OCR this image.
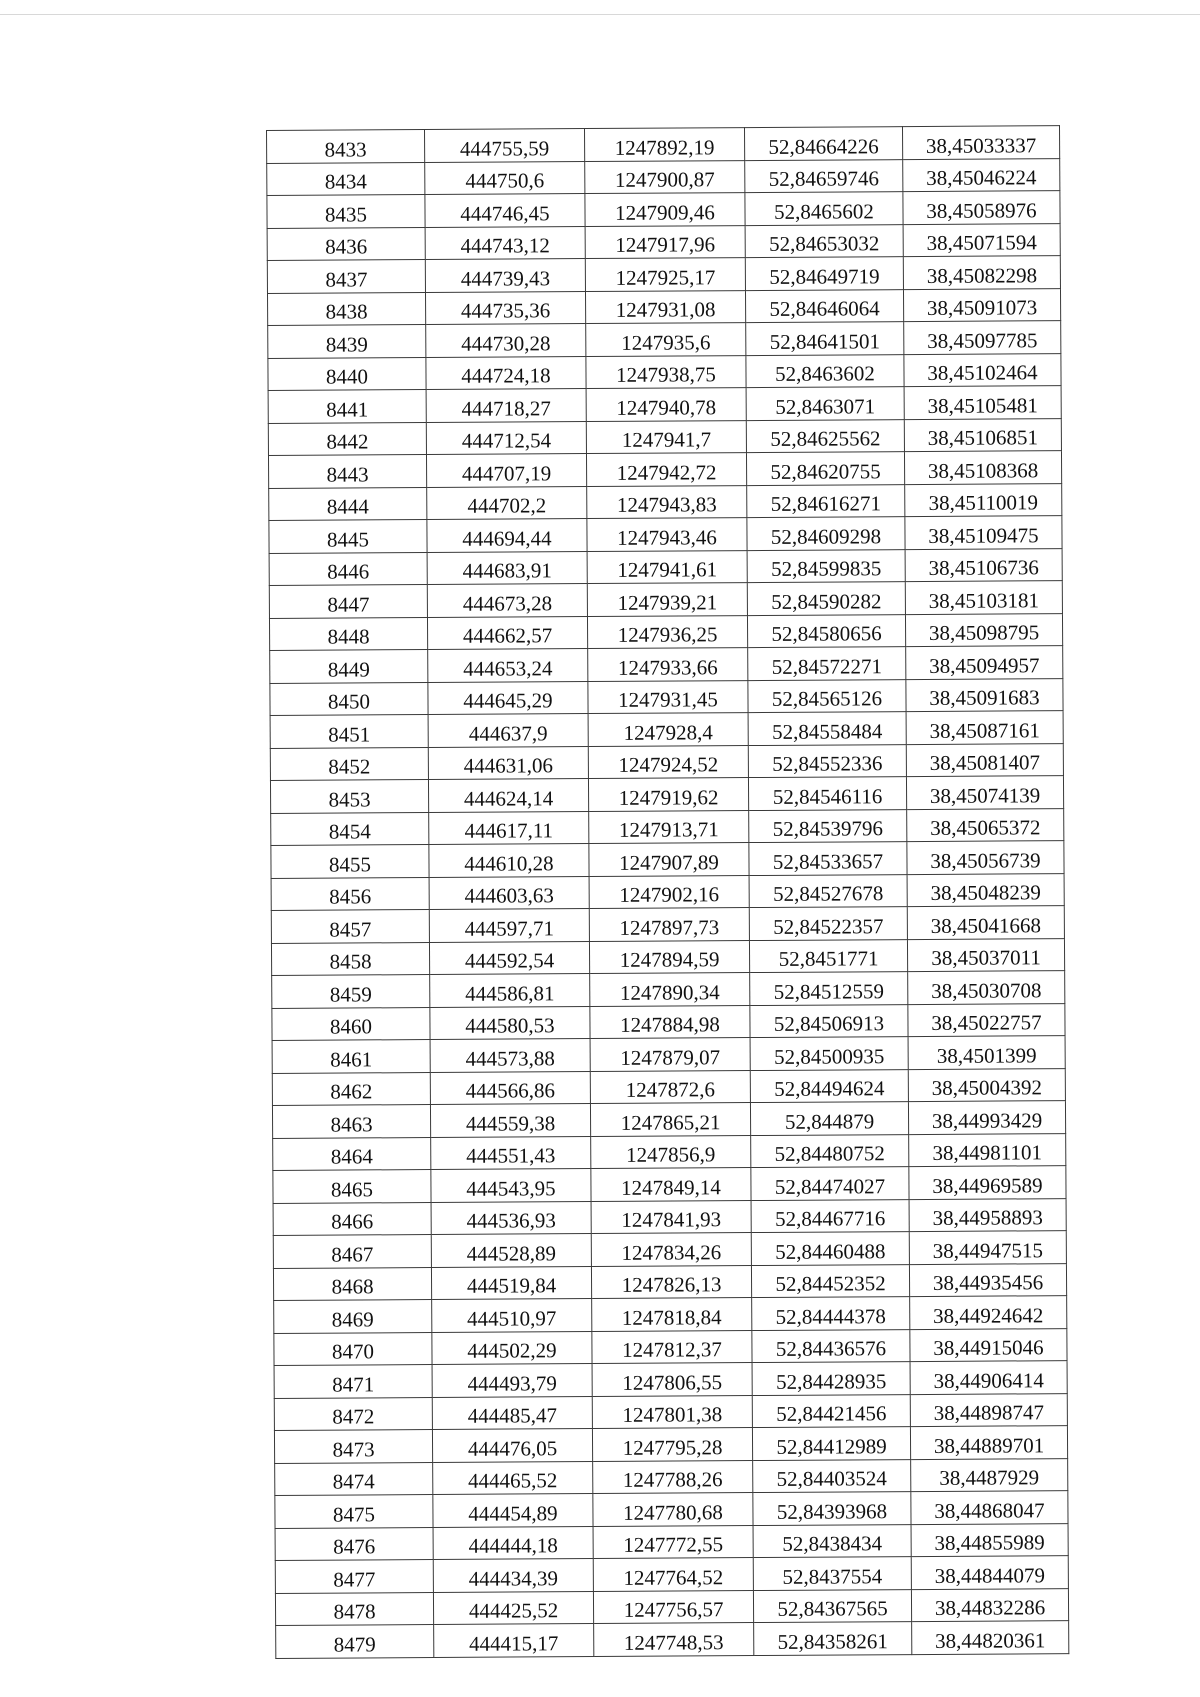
8433	444755,59	1247892,19	52,84664226	38,45033337
8434	444750,6	1247900,87	52,84659746	38,45046224
8435	444746,45	1247909,46	52,8465602	38,45058976
8436	444743,12	1247917,96	52,84653032	38,45071594
8437	444739,43	1247925,17	52,84649719	38,45082298
8438	444735,36	1247931,08	52,84646064	38,45091073
8439	444730,28	1247935,6	52,84641501	38,45097785
8440	444724,18	1247938,75	52,8463602	38,45102464
8441	444718,27	1247940,78	52,8463071	38,45105481
8442	444712,54	1247941,7	52,84625562	38,45106851
8443	444707,19	1247942,72	52,84620755	38,45108368
8444	444702,2	1247943,83	52,84616271	38,45110019
8445	444694,44	1247943,46	52,84609298	38,45109475
8446	444683,91	1247941,61	52,84599835	38,45106736
8447	444673,28	1247939,21	52,84590282	38,45103181
8448	444662,57	1247936,25	52,84580656	38,45098795
8449	444653,24	1247933,66	52,84572271	38,45094957
8450	444645,29	1247931,45	52,84565126	38,45091683
8451	444637,9	1247928,4	52,84558484	38,45087161
8452	444631,06	1247924,52	52,84552336	38,45081407
8453	444624,14	1247919,62	52,84546116	38,45074139
8454	444617,11	1247913,71	52,84539796	38,45065372
8455	444610,28	1247907,89	52,84533657	38,45056739
8456	444603,63	1247902,16	52,84527678	38,45048239
8457	444597,71	1247897,73	52,84522357	38,45041668
8458	444592,54	1247894,59	52,8451771	38,45037011
8459	444586,81	1247890,34	52,84512559	38,45030708
8460	444580,53	1247884,98	52,84506913	38,45022757
8461	444573,88	1247879,07	52,84500935	38,4501399
8462	444566,86	1247872,6	52,84494624	38,45004392
8463	444559,38	1247865,21	52,844879	38,44993429
8464	444551,43	1247856,9	52,84480752	38,44981101
8465	444543,95	1247849,14	52,84474027	38,44969589
8466	444536,93	1247841,93	52,84467716	38,44958893
8467	444528,89	1247834,26	52,84460488	38,44947515
8468	444519,84	1247826,13	52,84452352	38,44935456
8469	444510,97	1247818,84	52,84444378	38,44924642
8470	444502,29	1247812,37	52,84436576	38,44915046
8471	444493,79	1247806,55	52,84428935	38,44906414
8472	444485,47	1247801,38	52,84421456	38,44898747
8473	444476,05	1247795,28	52,84412989	38,44889701
8474	444465,52	1247788,26	52,84403524	38,4487929
8475	444454,89	1247780,68	52,84393968	38,44868047
8476	444444,18	1247772,55	52,8438434	38,44855989
8477	444434,39	1247764,52	52,8437554	38,44844079
8478	444425,52	1247756,57	52,84367565	38,44832286
8479	444415,17	1247748,53	52,84358261	38,44820361
